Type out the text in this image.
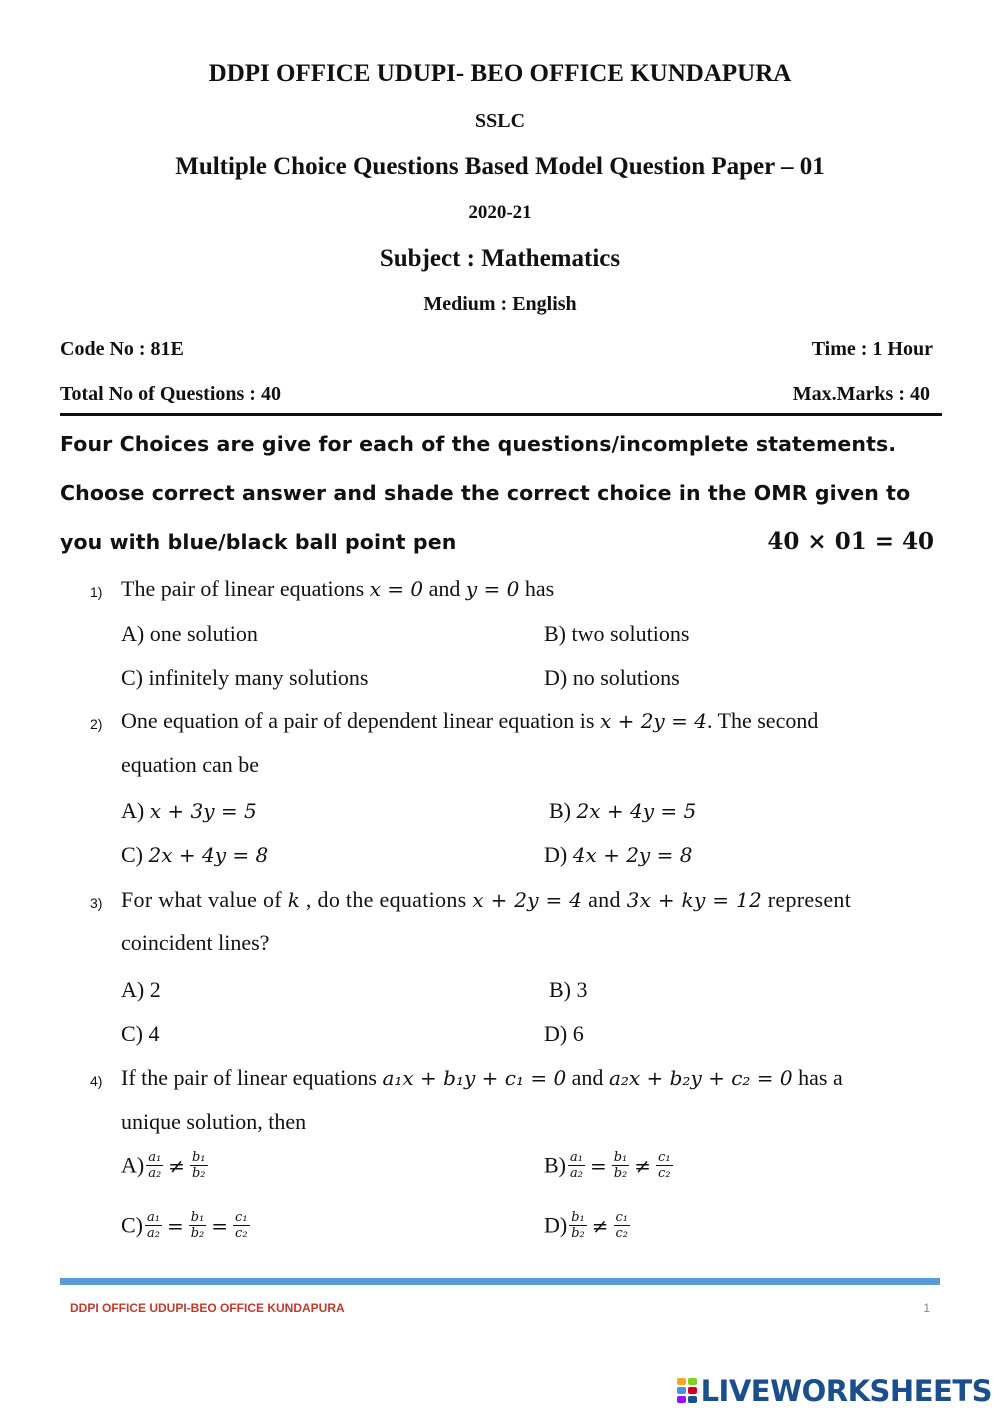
DDPI OFFICE UDUPI- BEO OFFICE KUNDAPURA
SSLC
Multiple Choice Questions Based Model Question Paper – 01
2020-21
Subject : Mathematics
Medium : English
Code No : 81E	Time : 1 Hour
Total No of Questions : 40	Max.Marks : 40
Four Choices are give for each of the questions/incomplete statements.
Choose correct answer and shade the correct choice in the OMR given to
you with blue/black ball point pen	40 × 01 = 40
1) The pair of linear equations x = 0 and y = 0 has
A) one solution	B) two solutions
C) infinitely many solutions	D) no solutions
2) One equation of a pair of dependent linear equation is x + 2y = 4. The second
equation can be
A) x + 3y = 5	B) 2x + 4y = 5
C) 2x + 4y = 8	D) 4x + 2y = 8
3) For what value of k , do the equations x + 2y = 4 and 3x + ky = 12 represent
coincident lines?
A) 2	B) 3
C) 4	D) 6
4) If the pair of linear equations a₁x + b₁y + c₁ = 0 and a₂x + b₂y + c₂ = 0 has a
unique solution, then
$A) \frac{\text{a₁}}{\text{a₂}} \ne \frac{\text{b₁}}{\text{b₂}}$	$B) \frac{\text{a₁}}{\text{a₂}} = \frac{\text{b₁}}{\text{b₂}} \ne \frac{\text{c₁}}{\text{c₂}}$
$C) \frac{\text{a₁}}{\text{a₂}} = \frac{\text{b₁}}{\text{b₂}} = \frac{\text{c₁}}{\text{c₂}}$	$D) \frac{\text{b₁}}{\text{b₂}} \ne \frac{\text{c₁}}{\text{c₂}}$
DDPI OFFICE UDUPI-BEO OFFICE KUNDAPURA	1
LIVEWORKSHEETS
